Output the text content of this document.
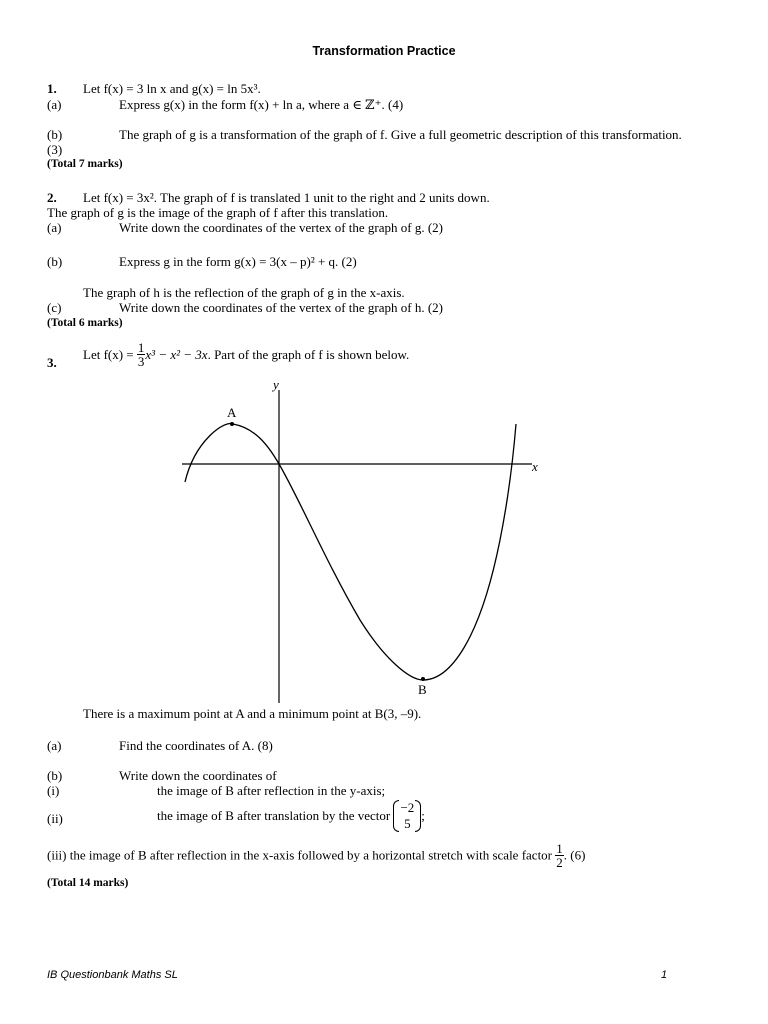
Transformation Practice
1. Let f(x) = 3 ln x and g(x) = ln 5x³.
(a)	Express g(x) in the form f(x) + ln a, where a ∈ ℤ⁺. (4)
(b)	The graph of g is a transformation of the graph of f. Give a full geometric description of this transformation.
(3)
(Total 7 marks)
2. Let f(x) = 3x². The graph of f is translated 1 unit to the right and 2 units down.
The graph of g is the image of the graph of f after this translation.
(a)	Write down the coordinates of the vertex of the graph of g. (2)
(b)	Express g in the form g(x) = 3(x – p)² + q. (2)
The graph of h is the reflection of the graph of g in the x-axis.
(c)	Write down the coordinates of the vertex of the graph of h. (2)
(Total 6 marks)
3.
Let $f(x) = \frac{1}{3} x^3 - x^2 - 3x$. Part of the graph of f is shown below.
y
x
A
B
There is a maximum point at A and a minimum point at B(3, –9).
(a)	Find the coordinates of A. (8)
(b)	Write down the coordinates of
(i)	the image of B after reflection in the y-axis;
(ii)	the image of B after translation by the vector
−2
5
;
(iii) the image of B after reflection in the x-axis followed by a horizontal stretch with scale factor $\frac{1}{2}$ . (6)
(Total 14 marks)
IB Questionbank Maths SL	1
